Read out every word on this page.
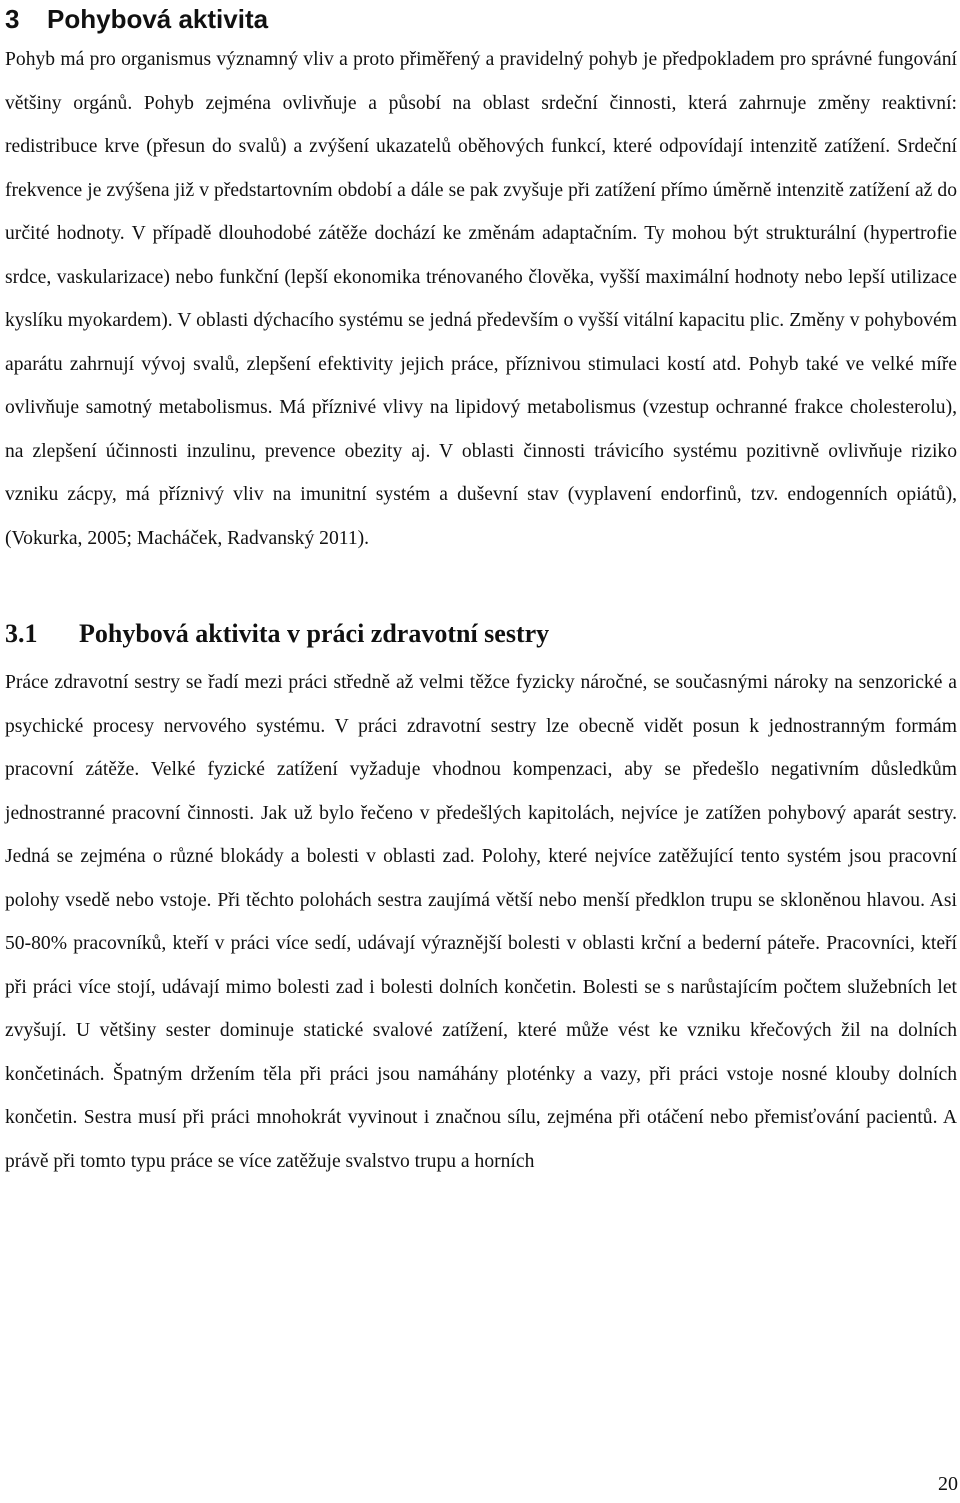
3	Pohybová aktivita

Pohyb má pro organismus významný vliv a proto přiměřený a pravidelný pohyb je předpokladem pro správné fungování většiny orgánů. Pohyb zejména ovlivňuje a působí na oblast srdeční činnosti, která zahrnuje změny reaktivní: redistribuce krve (přesun do svalů) a zvýšení ukazatelů oběhových funkcí, které odpovídají intenzitě zatížení. Srdeční frekvence je zvýšena již v předstartovním období a dále se pak zvyšuje při zatížení přímo úměrně intenzitě zatížení až do určité hodnoty. V případě dlouhodobé zátěže dochází ke změnám adaptačním. Ty mohou být strukturální (hypertrofie srdce, vaskularizace) nebo funkční (lepší ekonomika trénovaného člověka, vyšší maximální hodnoty nebo lepší utilizace kyslíku myokardem). V oblasti dýchacího systému se jedná především o vyšší vitální kapacitu plic. Změny v pohybovém aparátu zahrnují vývoj svalů, zlepšení efektivity jejich práce, příznivou stimulaci kostí atd. Pohyb také ve velké míře ovlivňuje samotný metabolismus. Má příznivé vlivy na lipidový metabolismus (vzestup ochranné frakce cholesterolu), na zlepšení účinnosti inzulinu, prevence obezity aj. V oblasti činnosti trávicího systému pozitivně ovlivňuje riziko vzniku zácpy, má příznivý vliv na imunitní systém a duševní stav (vyplavení endorfinů, tzv. endogenních opiátů), (Vokurka, 2005; Macháček, Radvanský 2011).

3.1	Pohybová aktivita v práci zdravotní sestry

Práce zdravotní sestry se řadí mezi práci středně až velmi těžce fyzicky náročné, se současnými nároky na senzorické a psychické procesy nervového systému. V práci zdravotní sestry lze obecně vidět posun k jednostranným formám pracovní zátěže. Velké fyzické zatížení vyžaduje vhodnou kompenzaci, aby se předešlo negativním důsledkům jednostranné pracovní činnosti. Jak už bylo řečeno v předešlých kapitolách, nejvíce je zatížen pohybový aparát sestry. Jedná se zejména o různé blokády a bolesti v oblasti zad. Polohy, které nejvíce zatěžující tento systém jsou pracovní polohy vsedě nebo vstoje. Při těchto polohách sestra zaujímá větší nebo menší předklon trupu se skloněnou hlavou. Asi 50-80% pracovníků, kteří v práci více sedí, udávají výraznější bolesti v oblasti krční a bederní páteře. Pracovníci, kteří při práci více stojí, udávají mimo bolesti zad i bolesti dolních končetin. Bolesti se s narůstajícím počtem služebních let zvyšují. U většiny sester dominuje statické svalové zatížení, které může vést ke vzniku křečových žil na dolních končetinách. Špatným držením těla při práci jsou namáhány ploténky a vazy, při práci vstoje nosné klouby dolních končetin. Sestra musí při práci mnohokrát vyvinout i značnou sílu, zejména při otáčení nebo přemisťování pacientů. A právě při tomto typu práce se více zatěžuje svalstvo trupu a horních

20
